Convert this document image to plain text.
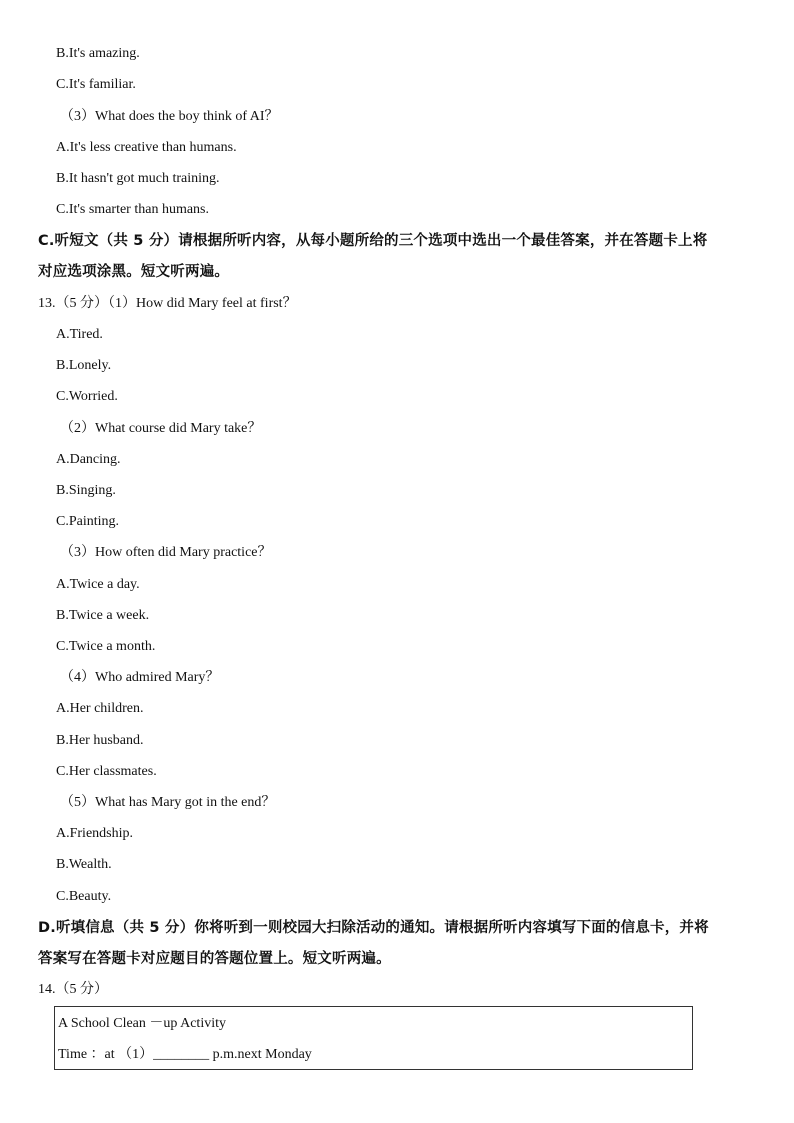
B.It's amazing.
C.It's familiar.
（3）What does the boy think of AI？
A.It's less creative than humans.
B.It hasn't got much training.
C.It's smarter than humans.
C.听短文（共 5 分）请根据所听内容，从每小题所给的三个选项中选出一个最佳答案，并在答题卡上将
对应选项涂黑。短文听两遍。
13.（5 分）（1）How did Mary feel at first？
A.Tired.
B.Lonely.
C.Worried.
（2）What course did Mary take？
A.Dancing.
B.Singing.
C.Painting.
（3）How often did Mary practice？
A.Twice a day.
B.Twice a week.
C.Twice a month.
（4）Who admired Mary？
A.Her children.
B.Her husband.
C.Her classmates.
（5）What has Mary got in the end？
A.Friendship.
B.Wealth.
C.Beauty.
D.听填信息（共 5 分）你将听到一则校园大扫除活动的通知。请根据所听内容填写下面的信息卡，并将
答案写在答题卡对应题目的答题位置上。短文听两遍。
14.（5 分）
A School Clean －up Activity
Time ：at （1）________ p.m.next Monday
